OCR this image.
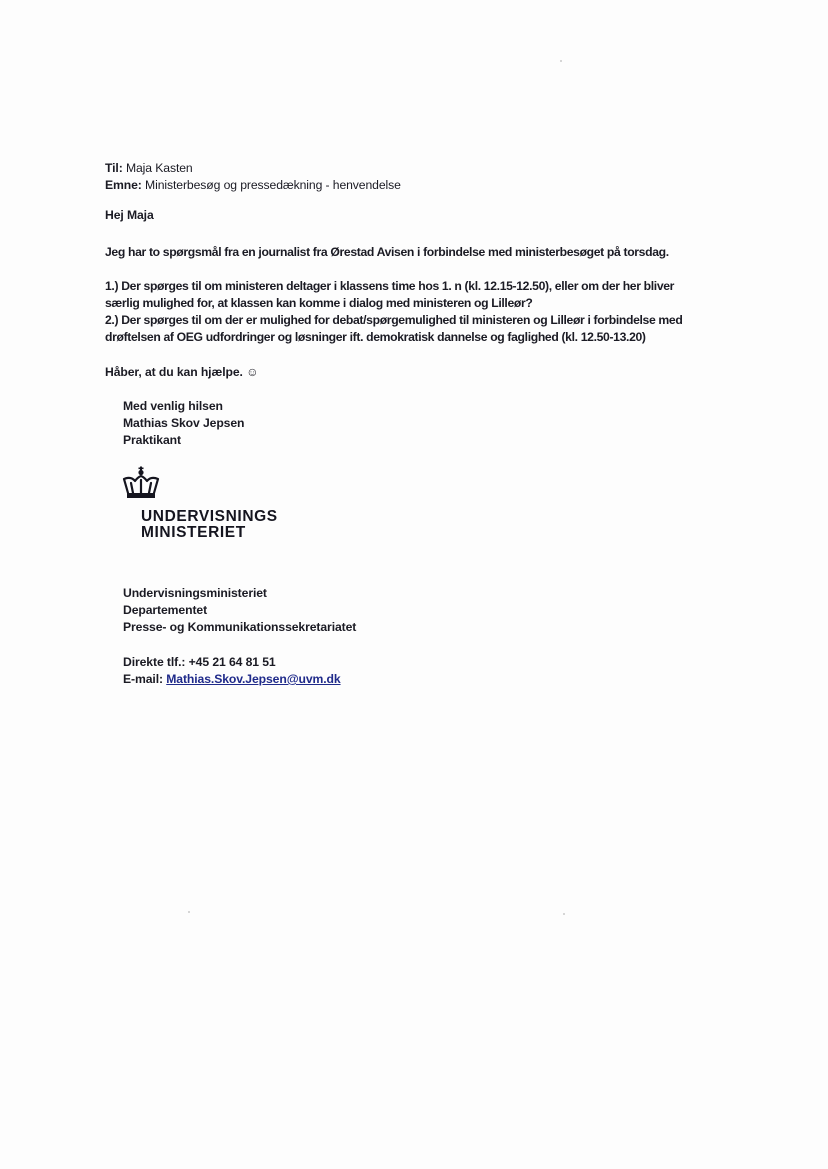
Til: Maja Kasten
Emne: Ministerbesøg og pressedækning - henvendelse
Hej Maja
Jeg har to spørgsmål fra en journalist fra Ørestad Avisen i forbindelse med ministerbesøget på torsdag.
1.) Der spørges til om ministeren deltager i klassens time hos 1. n (kl. 12.15-12.50), eller om der her bliver
særlig mulighed for, at klassen kan komme i dialog med ministeren og Lilleør?
2.) Der spørges til om der er mulighed for debat/spørgemulighed til ministeren og Lilleør i forbindelse med
drøftelsen af OEG udfordringer og løsninger ift. demokratisk dannelse og faglighed (kl. 12.50-13.20)
Håber, at du kan hjælpe. ☺
Med venlig hilsen
Mathias Skov Jepsen
Praktikant
UNDERVISNINGS
MINISTERIET
Undervisningsministeriet
Departementet
Presse- og Kommunikationssekretariatet
Direkte tlf.: +45 21 64 81 51
E-mail: Mathias.Skov.Jepsen@uvm.dk
